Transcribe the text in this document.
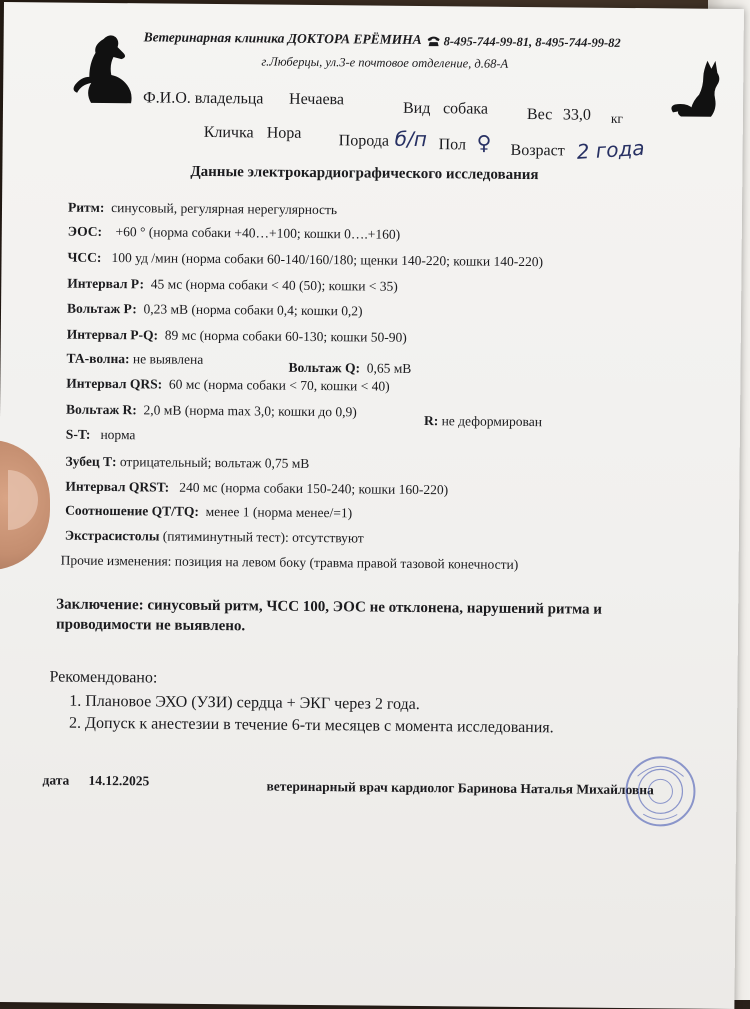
Ветеринарная клиника ДОКТОРА ЕРЁМИНА 8-495-744-99-81, 8-495-744-99-82
г.Люберцы, ул.3-е почтовое отделение, д.68-А
Ф.И.О. владельца Нечаева
Вид собака Вес 33,0 кг
Кличка Нора Порода б/п Пол ♀ Возраст 2 года
Данные электрокардиографического исследования
Ритм: синусовый, регулярная нерегулярность
ЭОС: +60 ° (норма собаки +40…+100; кошки 0….+160)
ЧСС: 100 уд /мин (норма собаки 60-140/160/180; щенки 140-220; кошки 140-220)
Интервал Р: 45 мс (норма собаки < 40 (50); кошки < 35)
Вольтаж Р: 0,23 мВ (норма собаки 0,4; кошки 0,2)
Интервал P-Q: 89 мс (норма собаки 60-130; кошки 50-90)
ТА-волна: не выявлена
Вольтаж Q: 0,65 мВ
Интервал QRS: 60 мс (норма собаки < 70, кошки < 40)
Вольтаж R: 2,0 мВ (норма max 3,0; кошки до 0,9)
R: не деформирован
S-T: норма
Зубец Т: отрицательный; вольтаж 0,75 мВ
Интервал QRST: 240 мс (норма собаки 150-240; кошки 160-220)
Соотношение QT/TQ: менее 1 (норма менее/=1)
Экстрасистолы (пятиминутный тест): отсутствуют
Прочие изменения: позиция на левом боку (травма правой тазовой конечности)
Заключение: синусовый ритм, ЧСС 100, ЭОС не отклонена, нарушений ритма и
проводимости не выявлено.
Рекомендовано:
1. Плановое ЭХО (УЗИ) сердца + ЭКГ через 2 года.
2. Допуск к анестезии в течение 6-ти месяцев с момента исследования.
дата 14.12.2025	ветеринарный врач кардиолог Баринова Наталья Михайловна
